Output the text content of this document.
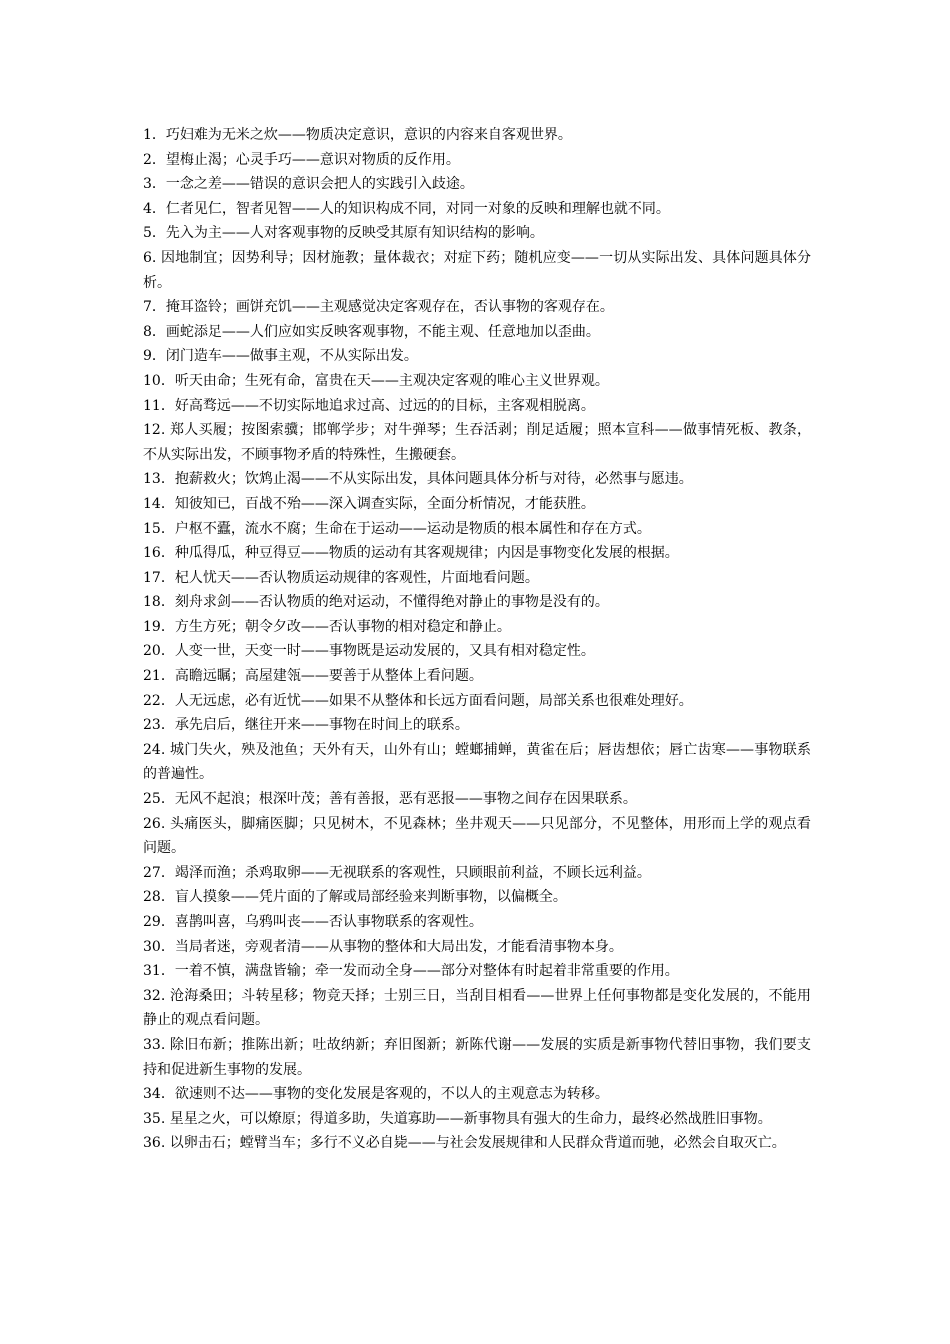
1．巧妇难为无米之炊——物质决定意识，意识的内容来自客观世界。

2．望梅止渴；心灵手巧——意识对物质的反作用。

3．一念之差——错误的意识会把人的实践引入歧途。

4．仁者见仁，智者见智——人的知识构成不同，对同一对象的反映和理解也就不同。

5．先入为主——人对客观事物的反映受其原有知识结构的影响。

6. 因地制宜；因势利导；因材施教；量体裁衣；对症下药；随机应变——一切从实际出发、具体问题具体分析。

7．掩耳盗铃；画饼充饥——主观感觉决定客观存在，否认事物的客观存在。

8．画蛇添足——人们应如实反映客观事物，不能主观、任意地加以歪曲。

9．闭门造车——做事主观，不从实际出发。

10．听天由命；生死有命，富贵在天——主观决定客观的唯心主义世界观。

11．好高骛远——不切实际地追求过高、过远的的目标，主客观相脱离。

12. 郑人买履；按图索骥；邯郸学步；对牛弹琴；生吞活剥；削足适履；照本宣科——做事情死板、教条，不从实际出发，不顾事物矛盾的特殊性，生搬硬套。

13．抱薪救火；饮鸩止渴——不从实际出发，具体问题具体分析与对待，必然事与愿违。

14．知彼知已，百战不殆——深入调查实际，全面分析情况，才能获胜。

15．户枢不蠹，流水不腐；生命在于运动——运动是物质的根本属性和存在方式。

16．种瓜得瓜，种豆得豆——物质的运动有其客观规律；内因是事物变化发展的根据。

17．杞人忧天——否认物质运动规律的客观性，片面地看问题。

18．刻舟求剑——否认物质的绝对运动，不懂得绝对静止的事物是没有的。

19．方生方死；朝令夕改——否认事物的相对稳定和静止。

20．人变一世，天变一时——事物既是运动发展的，又具有相对稳定性。

21．高瞻远瞩；高屋建瓴——要善于从整体上看问题。

22．人无远虑，必有近忧——如果不从整体和长远方面看问题，局部关系也很难处理好。

23．承先启后，继往开来——事物在时间上的联系。

24. 城门失火，殃及池鱼；天外有天，山外有山；螳螂捕蝉，黄雀在后；唇齿想依；唇亡齿寒——事物联系的普遍性。

25．无风不起浪；根深叶茂；善有善报，恶有恶报——事物之间存在因果联系。

26. 头痛医头，脚痛医脚；只见树木，不见森林；坐井观天——只见部分，不见整体，用形而上学的观点看问题。

27．竭泽而渔；杀鸡取卵——无视联系的客观性，只顾眼前利益，不顾长远利益。

28．盲人摸象——凭片面的了解或局部经验来判断事物，以偏概全。

29．喜鹊叫喜，乌鸦叫丧——否认事物联系的客观性。

30．当局者迷，旁观者清——从事物的整体和大局出发，才能看清事物本身。

31．一着不慎，满盘皆输；牵一发而动全身——部分对整体有时起着非常重要的作用。

32. 沧海桑田；斗转星移；物竞天择；士别三日，当刮目相看——世界上任何事物都是变化发展的，不能用静止的观点看问题。

33. 除旧布新；推陈出新；吐故纳新；弃旧图新；新陈代谢——发展的实质是新事物代替旧事物，我们要支持和促进新生事物的发展。

34．欲速则不达——事物的变化发展是客观的，不以人的主观意志为转移。

35. 星星之火，可以燎原；得道多助，失道寡助——新事物具有强大的生命力，最终必然战胜旧事物。

36. 以卵击石；螳臂当车；多行不义必自毙——与社会发展规律和人民群众背道而驰，必然会自取灭亡。
